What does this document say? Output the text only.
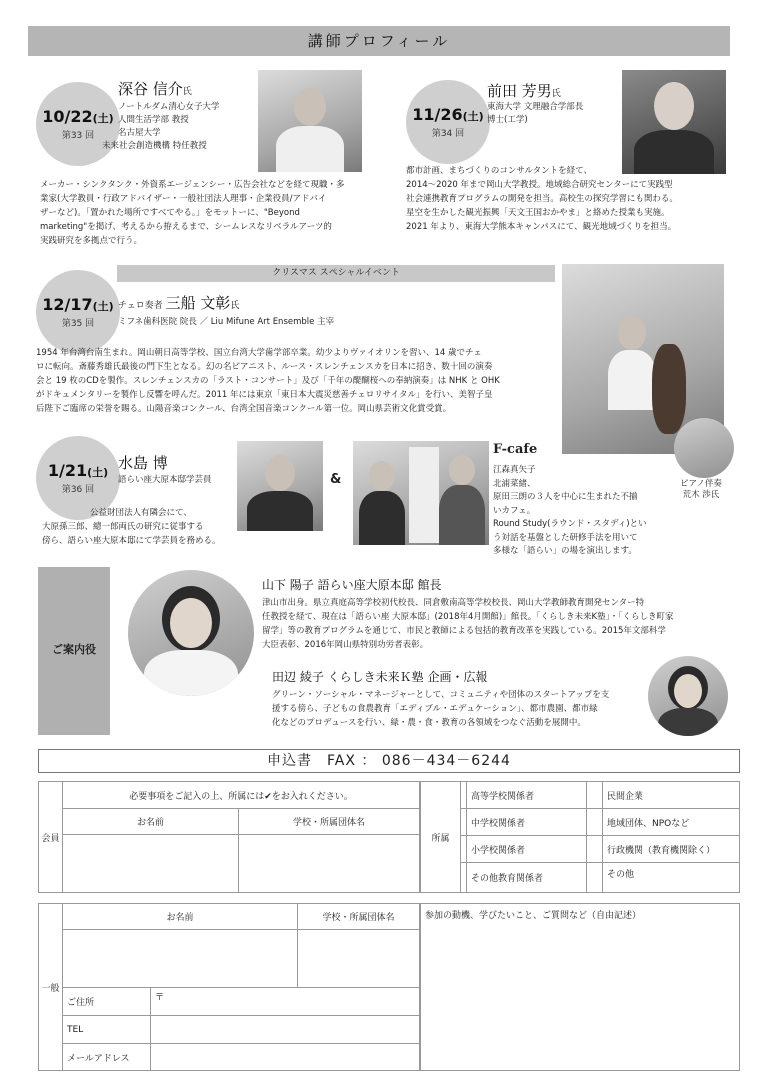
講師プロフィール
10/22(土)
第33 回
深谷 信介氏
ノートルダム清心女子大学
人間生活学部 教授
名古屋大学
未来社会創造機構 特任教授
メーカー・シンクタンク・外資系エージェンシー・広告会社などを経て現職・多
業家(大学教員・行政アドバイザー・一般社団法人理事・企業役員/アドバイ
ザーなど)。「置かれた場所ですべてやる。」をモットーに、"Beyond
marketing"を掲げ、考えるから拵えるまで、シームレスなリベラルアーツ的
実践研究を多拠点で行う。
11/26(土)
第34 回
前田 芳男氏
東海大学 文理融合学部長
博士(工学)
都市計画、まちづくりのコンサルタントを経て、
2014～2020 年まで岡山大学教授。地域総合研究センターにて実践型
社会連携教育プログラムの開発を担当。高校生の探究学習にも関わる。
星空を生かした観光振興「天文王国おかやま」と絡めた授業も実施。
2021 年より、東海大学熊本キャンパスにて、観光地域づくりを担当。
クリスマス スペシャルイベント
12/17(土)
第35 回
チェロ奏者 三船 文彰氏
ミフネ歯科医院 院長 ／ Liu Mifune Art Ensemble 主宰
1954 年台湾台南生まれ。岡山朝日高等学校、国立台湾大学歯学部卒業。幼少よりヴァイオリンを習い、14 歳でチェ
ロに転向。斎藤秀雄氏最後の門下生となる。幻の名ピアニスト、ルース・スレンチェンスカを日本に招き、数十回の演奏
会と 19 枚のCDを製作。スレンチェンスカの「ラスト・コンサート」及び「千年の醍醐桜への奉納演奏」は NHK と OHK
がドキュメンタリーを製作し反響を呼んだ。2011 年には東京「東日本大震災慈善チェロリサイタル」を行い、美智子皇
后陛下ご臨席の栄誉を賜る。山陽音楽コンクール、台湾全国音楽コンクール第一位。岡山県芸術文化賞受賞。
ピアノ伴奏
荒木 渉氏
1/21(土)
第36 回
水島 博
語らい座大原本邸学芸員
公益財団法人有隣会にて、
大原孫三郎、總一郎両氏の研究に従事する
傍ら、語らい座大原本邸にて学芸員を務める。
&
F-cafe
江森真矢子
北浦菜緒、
原田三朗の３人を中心に生まれた不揃
いカフェ。
Round Study(ラウンド・スタディ)とい
う対話を基盤とした研修手法を用いて
多様な「語らい」の場を演出します。
ご案内役
山下 陽子 語らい座大原本邸 館長
津山市出身。県立真庭高等学校初代校長、同倉敷南高等学校校長、岡山大学教師教育開発センター特
任教授を経て、現在は「語らい座 大原本邸」(2018年4月開館)」館長。「くらしき未来K塾」・「くらしき町家
留学」等の教育プログラムを通じて、市民と教師による包括的教育改革を実践している。2015年文部科学
大臣表彰、2016年岡山県特別功労者表彰。
田辺 綾子 くらしき未来Ｋ塾 企画・広報
グリーン・ソーシャル・マネージャーとして、コミュニティや団体のスタートアップを支
援する傍ら、子どもの食農教育「エディブル・エデュケーション」、都市農園、都市緑
化などのプロデュースを行い、緑・農・食・教育の各領域をつなぐ活動を展開中。
申込書　FAX ： 086－434－6244
会員	必要事項をご記入の上、所属には✔をお入れください。	
	お名前	学校・所属団体名

所属		高等学校関係者		民間企業
		中学校関係者		地域団体、NPOなど
		小学校関係者		行政機関（教育機関除く）
		その他教育関係者		その他
一般	お名前		学校・所属団体名

	ご住所	〒	
	TEL		
	メールアドレス		
参加の動機、学びたいこと、ご質問など（自由記述）
